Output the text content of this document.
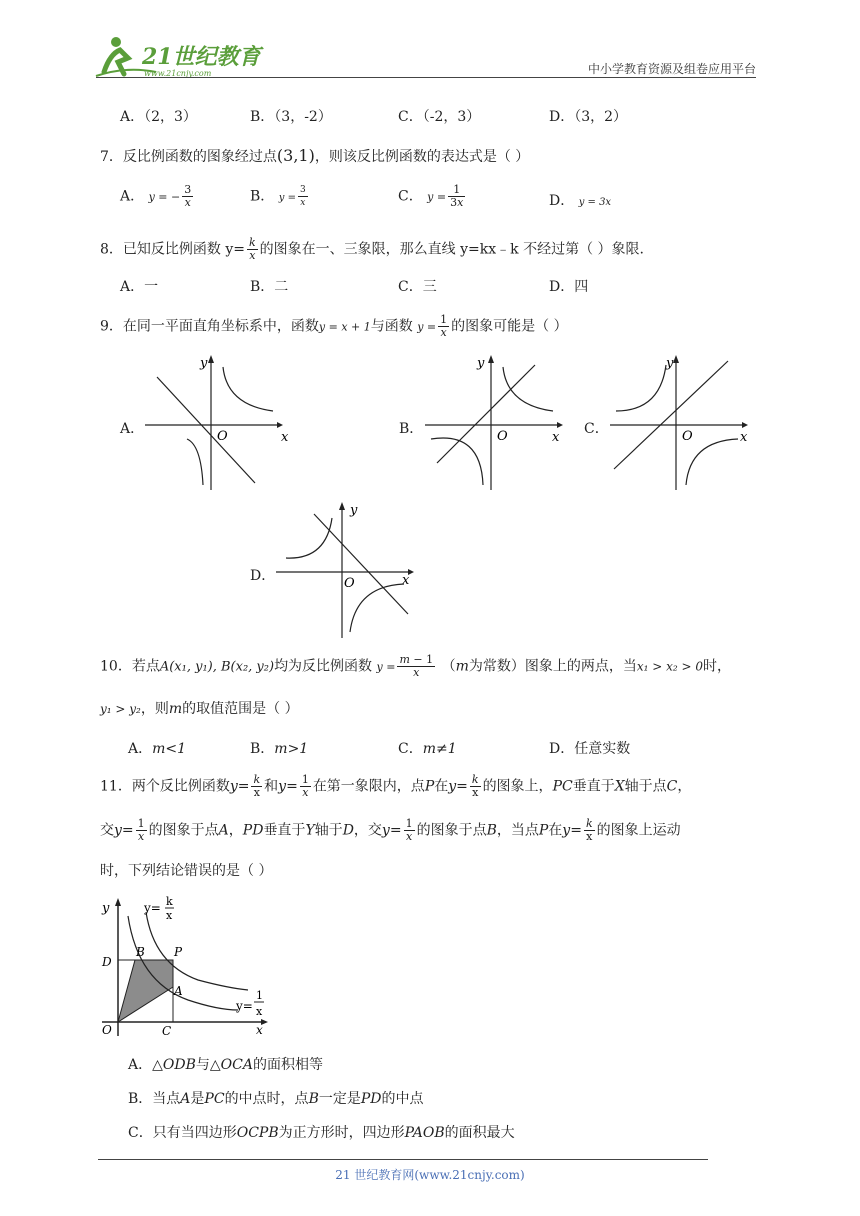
21世纪教育
www.21cnjy.com	中小学教育资源及组卷应用平台
A．（2，3）	B．（3，-2）	C．（-2，3）	D．（3，2）
7．反比例函数的图象经过点(3,1)，则该反比例函数的表达式是（ ）
A． y = − $\frac{3}{x}$	B． $y = \frac{3}{x}$	C． $y = \frac{1}{3x}$	D． y = 3x
8．已知反比例函数 $y= \frac{k}{x}$ 的图象在一、三象限，那么直线 y=kx﹣k 不经过第（ ）象限.
A．一	B．二	C．三	D．四
9．在同一平面直角坐标系中，函数y = x + 1与函数 $y = \frac{1}{x}$ 的图象可能是（ ）
A．
x
y
O	B．
x
y
O	C．
x
y
O
D．	x
y
O
10．若点A(x₁, y₁), B(x₂, y₂)均为反比例函数 $y = \frac{m - 1}{x} (m$为常数）图象上的两点，当x₁ > x₂ > 0时，
y₁ > y₂，则m的取值范围是（ ）
A．m<1	B．m>1	C．m≠1	D．任意实数
11．两个反比例函数$y= \frac{k}{x}$ 和$y= \frac{1}{x}$ 在第一象限内，点P在$y= \frac{k}{x}$ 的图象上，PC垂直于X轴于点C，
交$y= \frac{1}{x}$ 的图象于点A，PD垂直于Y轴于D，交$y= \frac{1}{x}$ 的图象于点B，当点P在$y= \frac{k}{x}$ 的图象上运动
时，下列结论错误的是（ ）
y	y= k
x
B P
D
A
y=
1
x
O	C	x
A．△ODB与△OCA的面积相等
B．当点A是PC的中点时，点B一定是PD的中点
C．只有当四边形OCPB为正方形时，四边形PAOB的面积最大
21 世纪教育网(www.21cnjy.com)
